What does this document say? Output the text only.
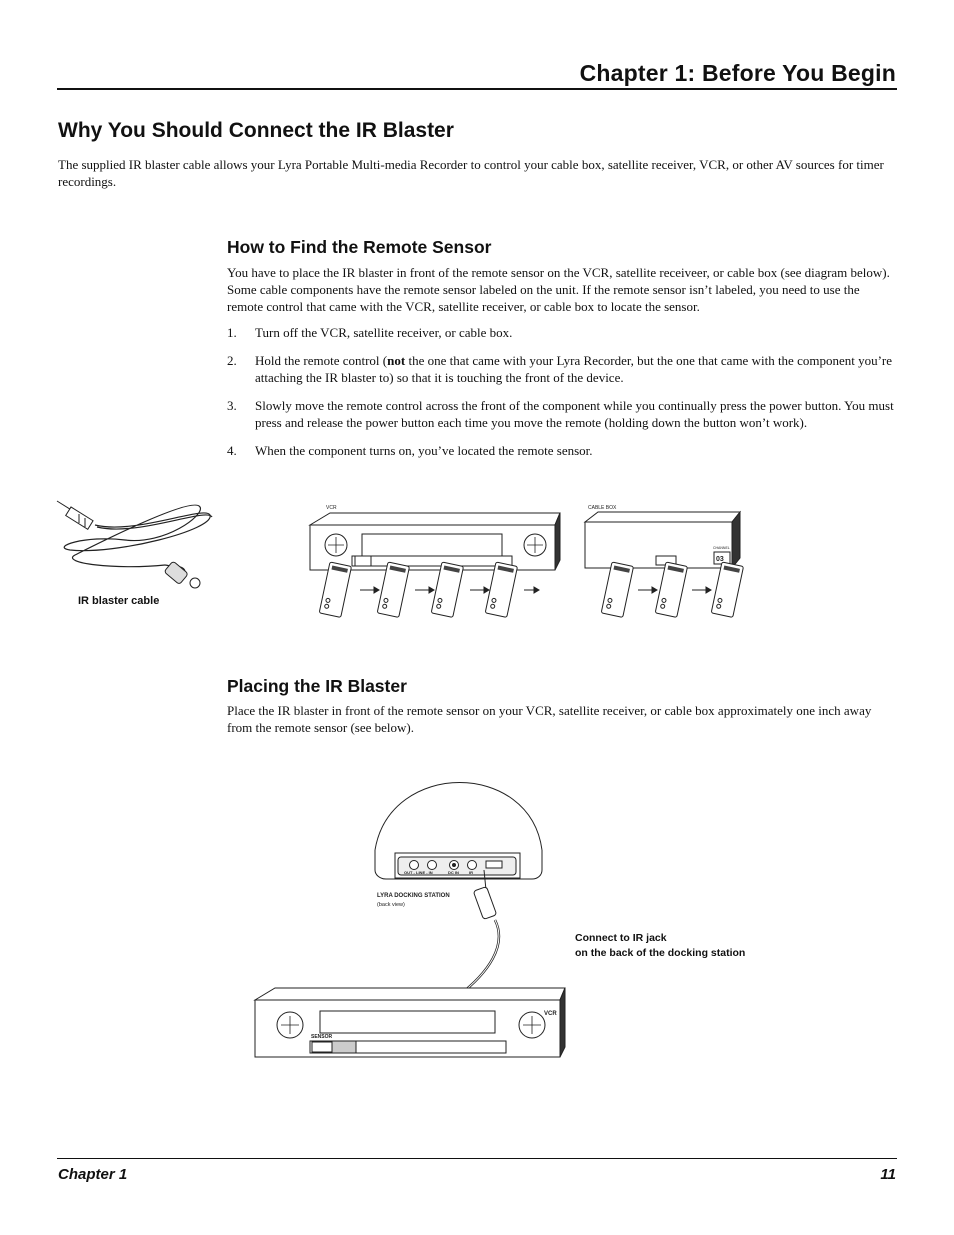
Chapter 1: Before You Begin
Why You Should Connect the IR Blaster

The supplied IR blaster cable allows your Lyra Portable Multi-media Recorder to control your cable box, satellite receiver, VCR, or other AV sources for timer recordings.

How to Find the Remote Sensor

You have to place the IR blaster in front of the remote sensor on the VCR, satellite receiveer, or cable box (see diagram below). Some cable components have the remote sensor labeled on the unit. If the remote sensor isn’t labeled, you need to use the remote control that came with the VCR, satellite receiver, or cable box to locate the sensor.

1. Turn off the VCR, satellite receiver, or cable box.
2. Hold the remote control (not the one that came with your Lyra Recorder, but the one that came with the component you’re attaching the IR blaster to) so that it is touching the front of the device.
3. Slowly move the remote control across the front of the component while you continually press the power button. You must press and release the power button each time you move the remote (holding down the button won’t work).
4. When the component turns on, you’ve located the remote sensor.
IR blaster cable
VCR	CABLE BOX
CHANNEL
03
Placing the IR Blaster

Place the IR blaster in front of the remote sensor on your VCR, satellite receiver, or cable box approximately one inch away from the remote sensor (see below).

OUT - LINE - IN	DC IN	IR
LYRA DOCKING STATION
(back view)
Connect to IR jack
on the back of the docking station
VCR
SENSOR
Chapter 1	11
